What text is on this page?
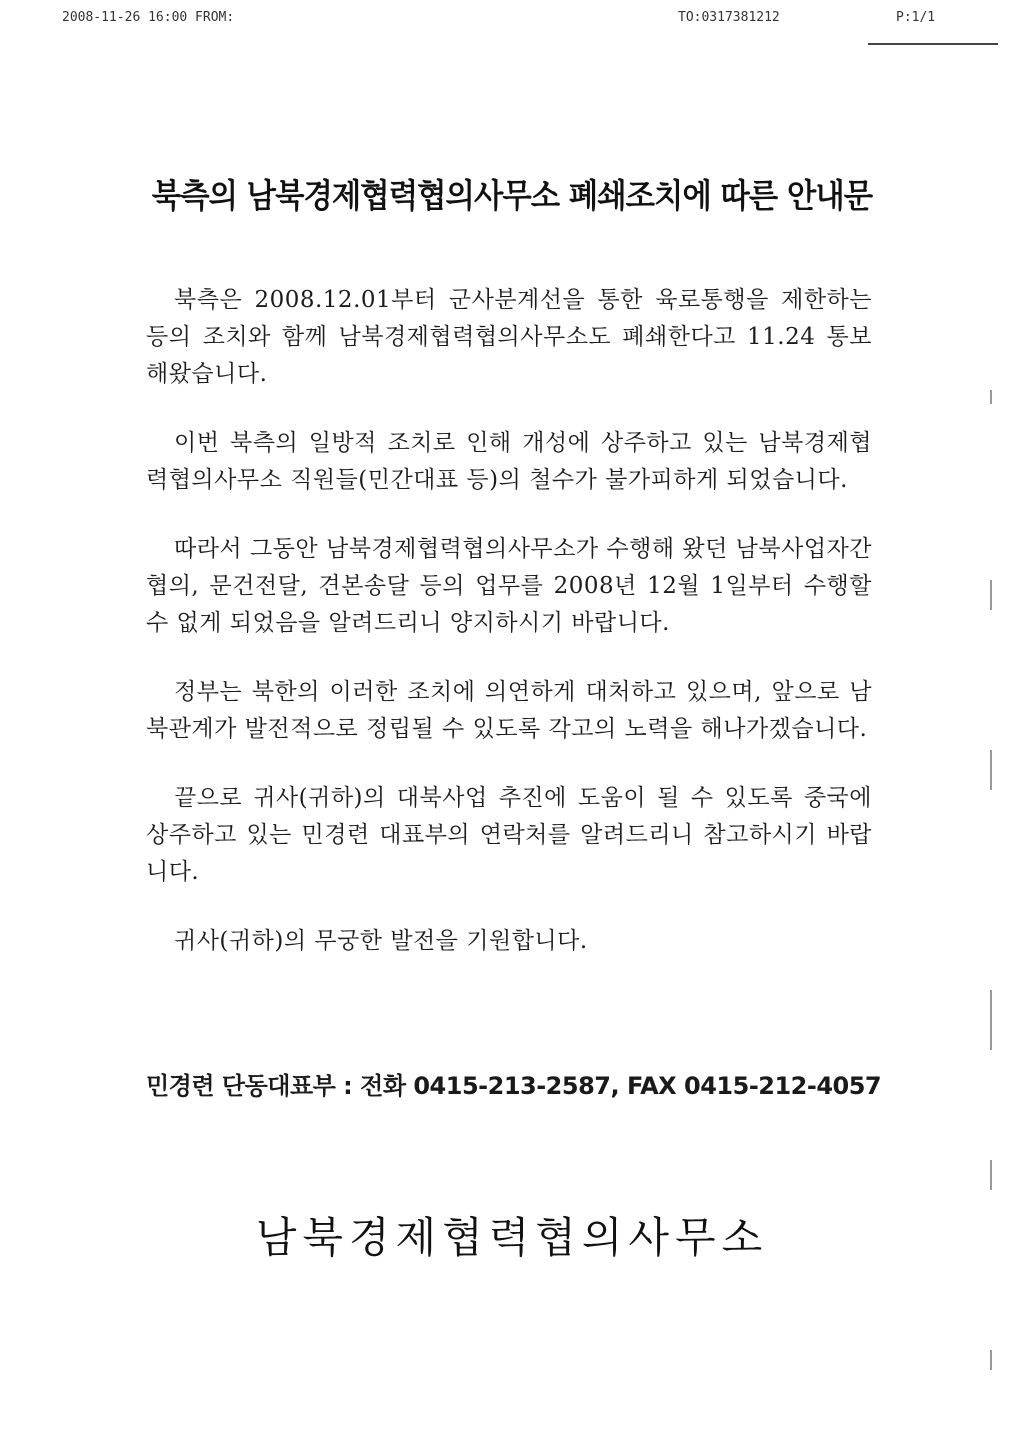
2008-11-26 16:00 FROM:	TO:0317381212	P:1/1
북측의 남북경제협력협의사무소 폐쇄조치에 따른 안내문

북측은 2008.12.01부터 군사분계선을 통한 육로통행을 제한하는 등의 조치와 함께 남북경제협력협의사무소도 폐쇄한다고 11.24 통보해왔습니다.

이번 북측의 일방적 조치로 인해 개성에 상주하고 있는 남북경제협력협의사무소 직원들(민간대표 등)의 철수가 불가피하게 되었습니다.

따라서 그동안 남북경제협력협의사무소가 수행해 왔던 남북사업자간 협의, 문건전달, 견본송달 등의 업무를 2008년 12월 1일부터 수행할 수 없게 되었음을 알려드리니 양지하시기 바랍니다.

정부는 북한의 이러한 조치에 의연하게 대처하고 있으며, 앞으로 남북관계가 발전적으로 정립될 수 있도록 각고의 노력을 해나가겠습니다.

끝으로 귀사(귀하)의 대북사업 추진에 도움이 될 수 있도록 중국에 상주하고 있는 민경련 대표부의 연락처를 알려드리니 참고하시기 바랍니다.

귀사(귀하)의 무궁한 발전을 기원합니다.

민경련 단동대표부 : 전화 0415-213-2587, FAX 0415-212-4057
남북경제협력협의사무소
